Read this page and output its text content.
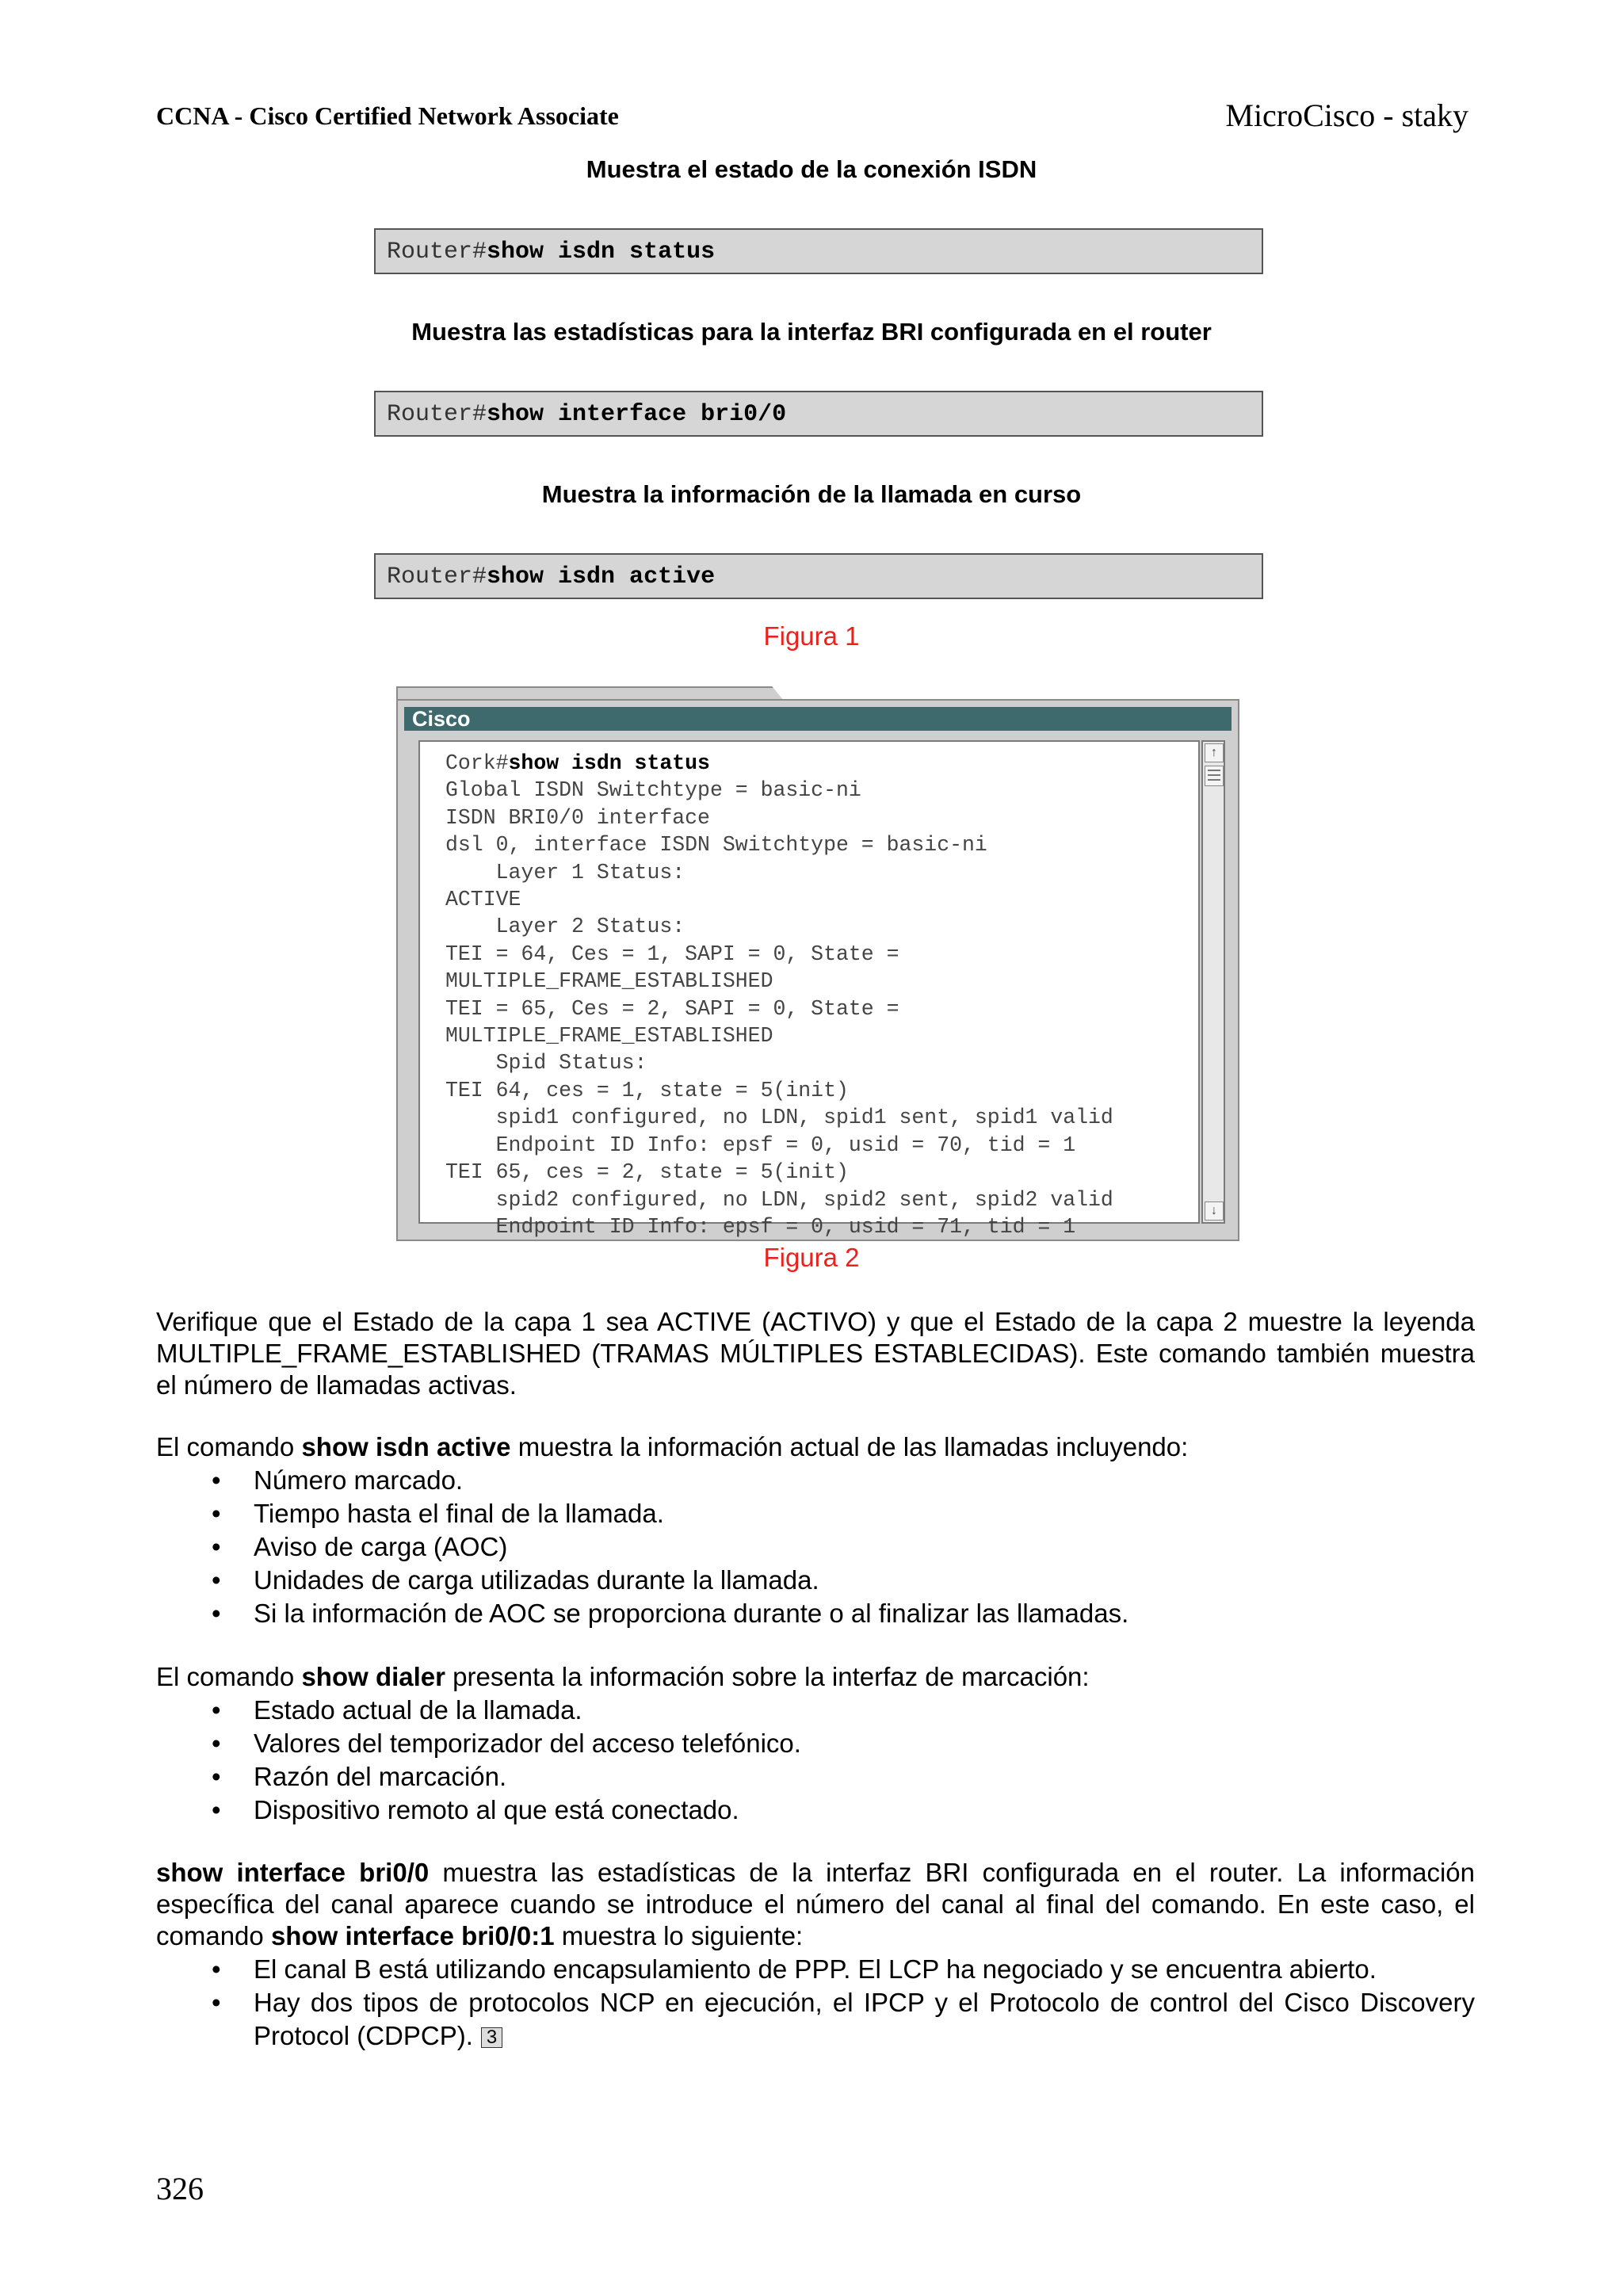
CCNA - Cisco Certified Network Associate	MicroCisco - staky
Muestra el estado de la conexión ISDN
Router#show isdn status
Muestra las estadísticas para la interfaz BRI configurada en el router
Router#show interface bri0/0
Muestra la información de la llamada en curso
Router#show isdn active
Figura 1
Cisco
Cork#show isdn status
Global ISDN Switchtype = basic-ni
ISDN BRI0/0 interface
dsl 0, interface ISDN Switchtype = basic-ni
Layer 1 Status:
ACTIVE
Layer 2 Status:
TEI = 64, Ces = 1, SAPI = 0, State =
MULTIPLE_FRAME_ESTABLISHED
TEI = 65, Ces = 2, SAPI = 0, State =
MULTIPLE_FRAME_ESTABLISHED
Spid Status:
TEI 64, ces = 1, state = 5(init)
spid1 configured, no LDN, spid1 sent, spid1 valid
Endpoint ID Info: epsf = 0, usid = 70, tid = 1
TEI 65, ces = 2, state = 5(init)
spid2 configured, no LDN, spid2 sent, spid2 valid
Endpoint ID Info: epsf = 0, usid = 71, tid = 1
↑
↓
Figura 2
Verifique que el Estado de la capa 1 sea ACTIVE (ACTIVO) y que el Estado de la capa 2 muestre la leyenda MULTIPLE_FRAME_ESTABLISHED (TRAMAS MÚLTIPLES ESTABLECIDAS). Este comando también muestra el número de llamadas activas.
El comando show isdn active muestra la información actual de las llamadas incluyendo:
• Número marcado.
• Tiempo hasta el final de la llamada.
• Aviso de carga (AOC)
• Unidades de carga utilizadas durante la llamada.
• Si la información de AOC se proporciona durante o al finalizar las llamadas.
El comando show dialer presenta la información sobre la interfaz de marcación:
• Estado actual de la llamada.
• Valores del temporizador del acceso telefónico.
• Razón del marcación.
• Dispositivo remoto al que está conectado.
show interface bri0/0 muestra las estadísticas de la interfaz BRI configurada en el router. La información específica del canal aparece cuando se introduce el número del canal al final del comando. En este caso, el comando show interface bri0/0:1 muestra lo siguiente:
• El canal B está utilizando encapsulamiento de PPP. El LCP ha negociado y se encuentra abierto.
• Hay dos tipos de protocolos NCP en ejecución, el IPCP y el Protocolo de control del Cisco Discovery Protocol (CDPCP). 3
326
